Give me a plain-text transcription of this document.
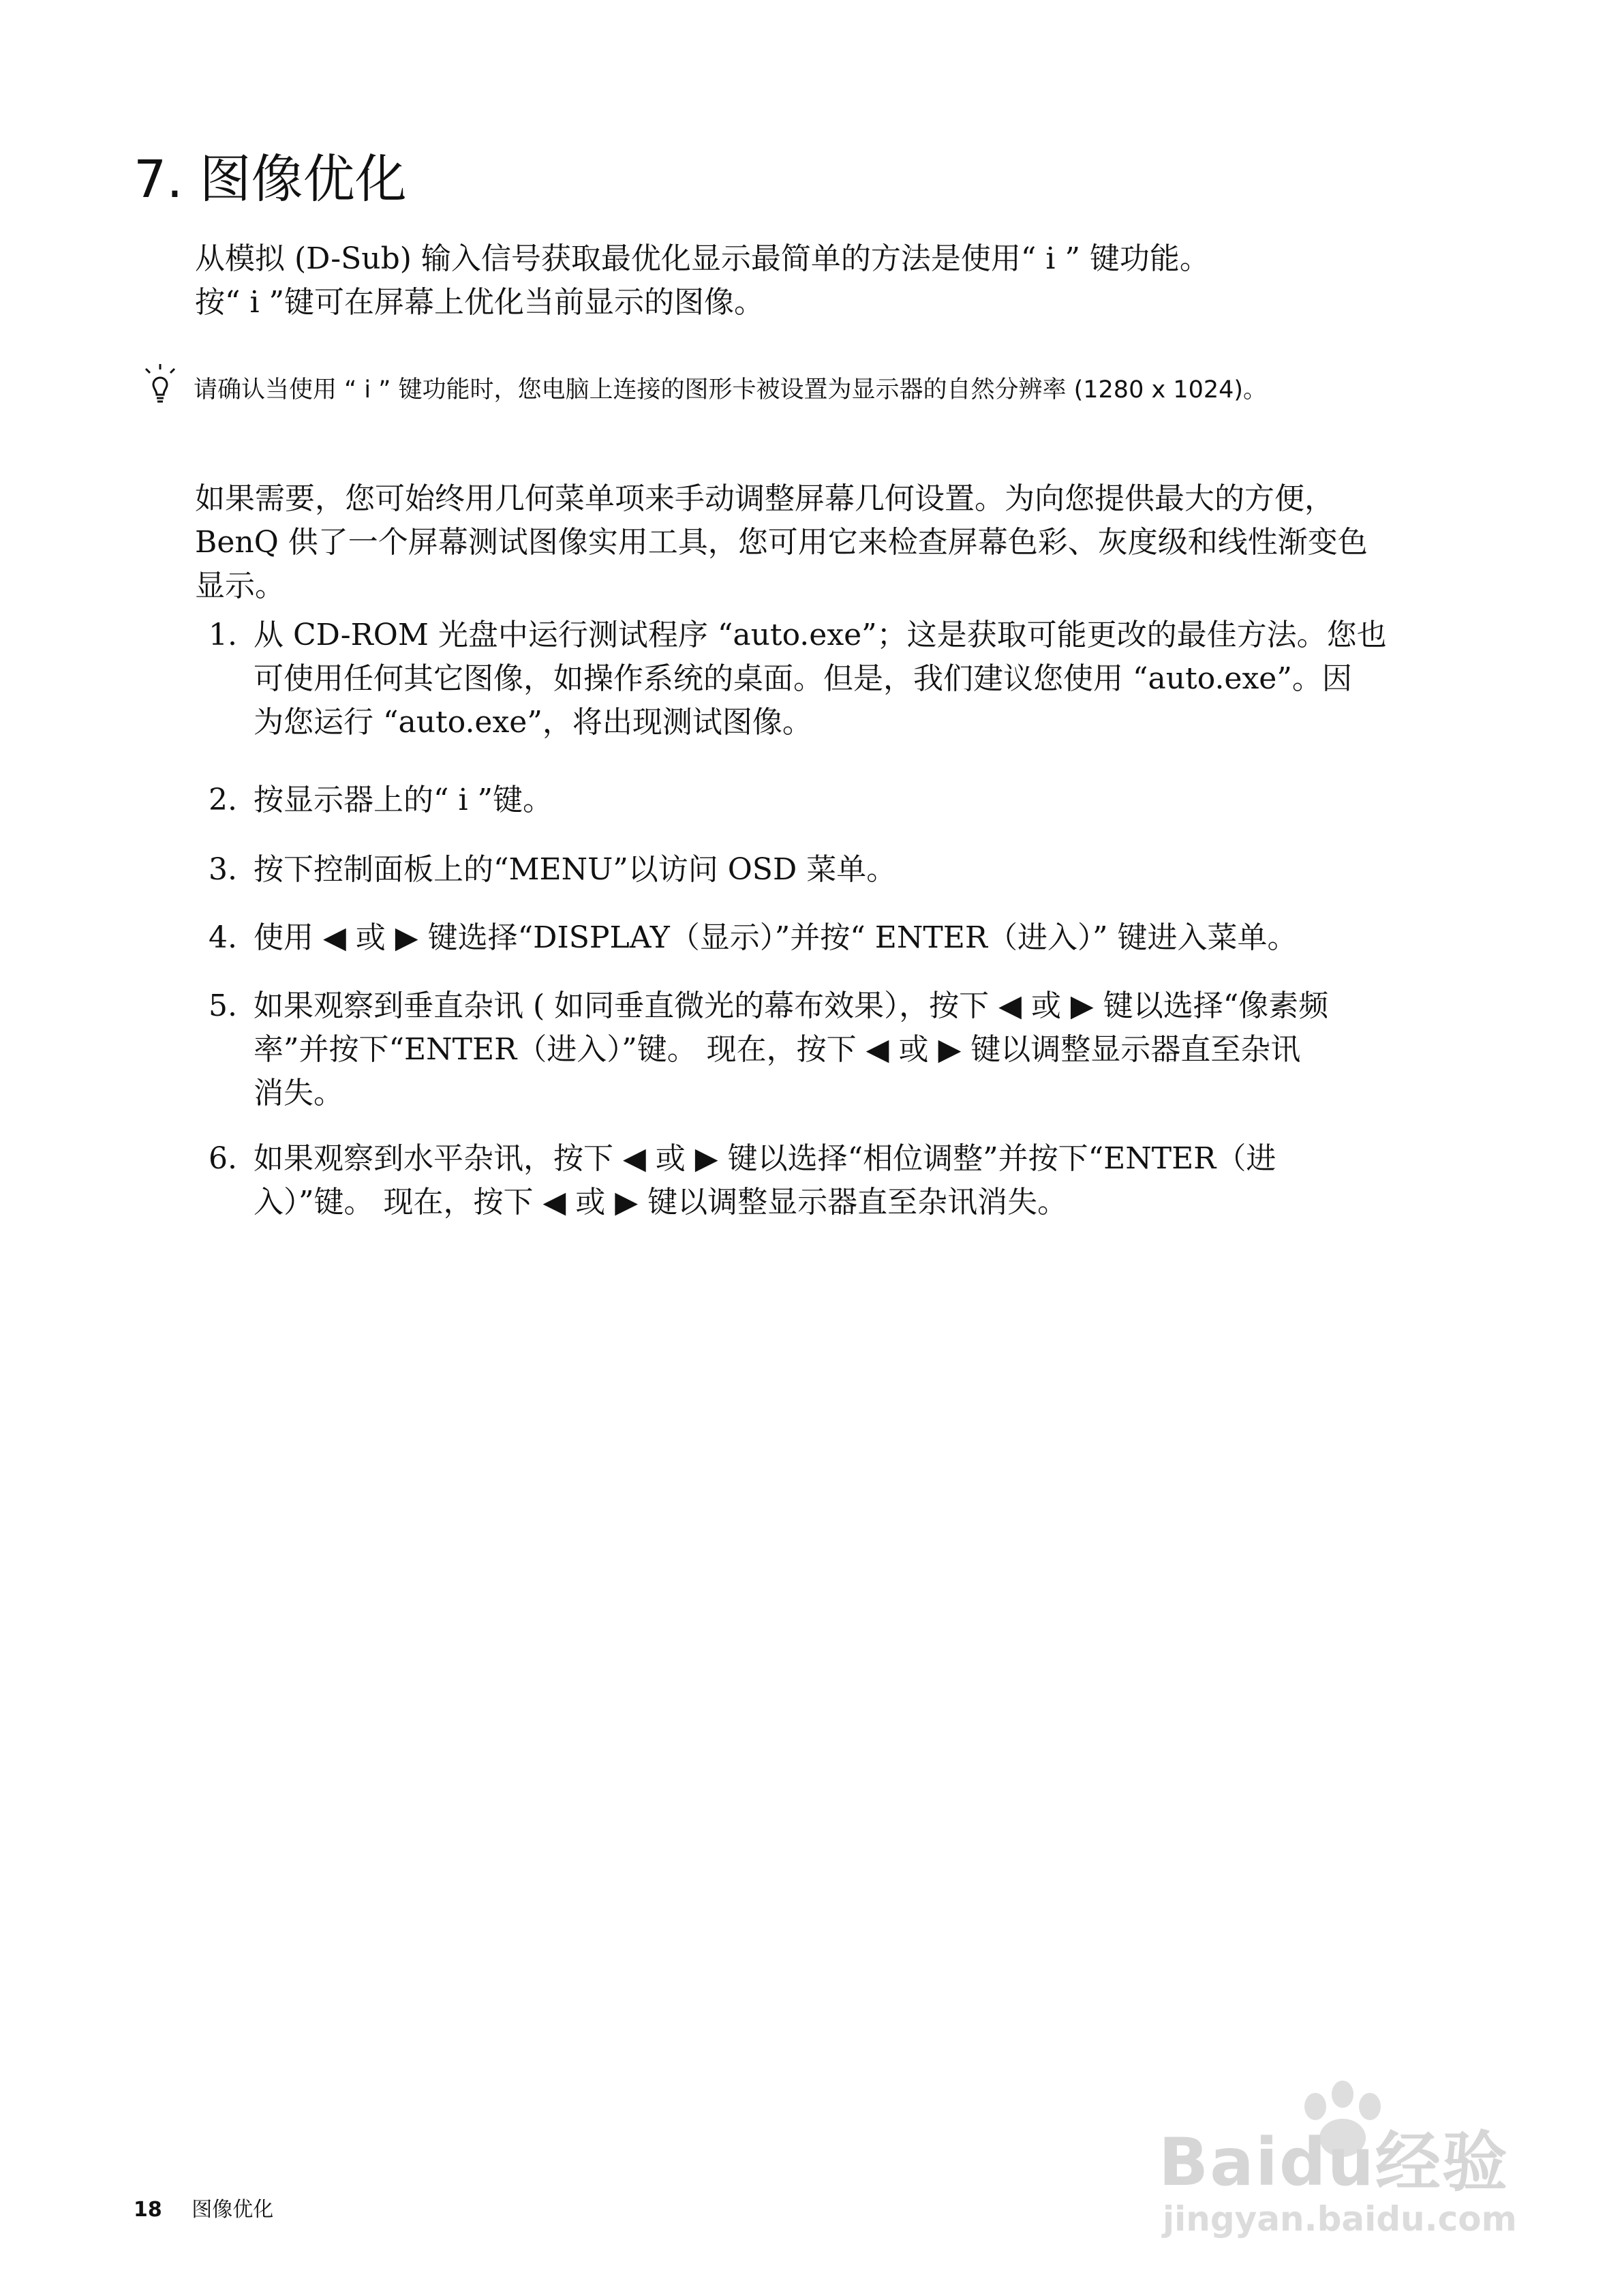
7. 图像优化
从模拟 (D-Sub) 输入信号获取最优化显示最简单的方法是使用“ i ” 键功能。
按“ i ”键可在屏幕上优化当前显示的图像。
请确认当使用 “ i ” 键功能时，您电脑上连接的图形卡被设置为显示器的自然分辨率 (1280 x 1024)。
如果需要，您可始终用几何菜单项来手动调整屏幕几何设置。为向您提供最大的方便，
BenQ 供了一个屏幕测试图像实用工具，您可用它来检查屏幕色彩、灰度级和线性渐变色
显示。
1. 从 CD-ROM 光盘中运行测试程序 “auto.exe”；这是获取可能更改的最佳方法。您也
可使用任何其它图像，如操作系统的桌面。但是，我们建议您使用 “auto.exe”。因
为您运行 “auto.exe”，将出现测试图像。
2. 按显示器上的“ i ”键。
3. 按下控制面板上的“MENU”以访问 OSD 菜单。
4. 使用 ◀ 或 ▶ 键选择“DISPLAY（显示）”并按“ ENTER（进入）” 键进入菜单。
5. 如果观察到垂直杂讯 ( 如同垂直微光的幕布效果），按下 ◀ 或 ▶ 键以选择“像素频
率”并按下“ENTER（进入）”键。 现在，按下 ◀ 或 ▶ 键以调整显示器直至杂讯
消失。
6. 如果观察到水平杂讯，按下 ◀ 或 ▶ 键以选择“相位调整”并按下“ENTER（进
入）”键。 现在，按下 ◀ 或 ▶ 键以调整显示器直至杂讯消失。
18 图像优化
Baidu经验
jingyan.baidu.com
